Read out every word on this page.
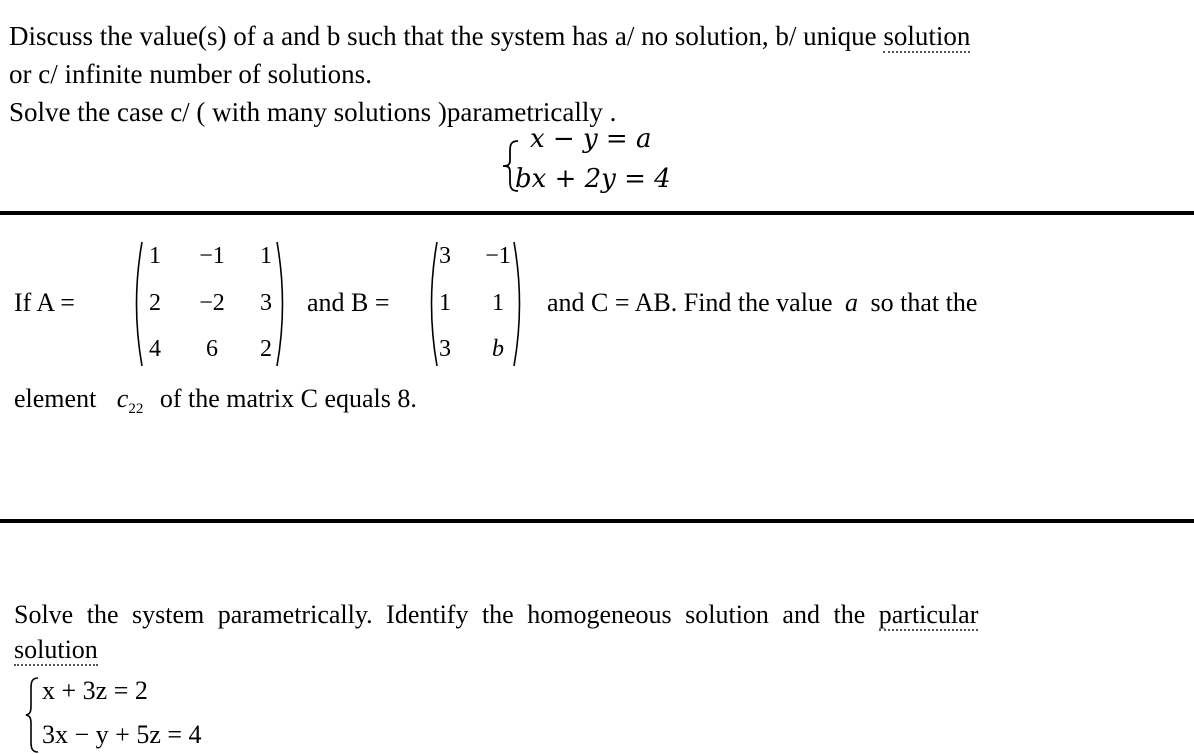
Discuss the value(s) of a and b such that the system has a/ no solution, b/ unique solution
or c/ infinite number of solutions.
Solve the case c/ ( with many solutions )parametrically .
x − y = a
bx + 2y = 4
If A =
1	−1	1
2	−2	3
4	6	2
and B =
3	−1
1	1
3	b
and C = AB. Find the value a so that the
element $c_{22}$ of the matrix C equals 8.
Solve the system parametrically. Identify the homogeneous solution and the particular
solution
x + 3z = 2
3x − y + 5z = 4
